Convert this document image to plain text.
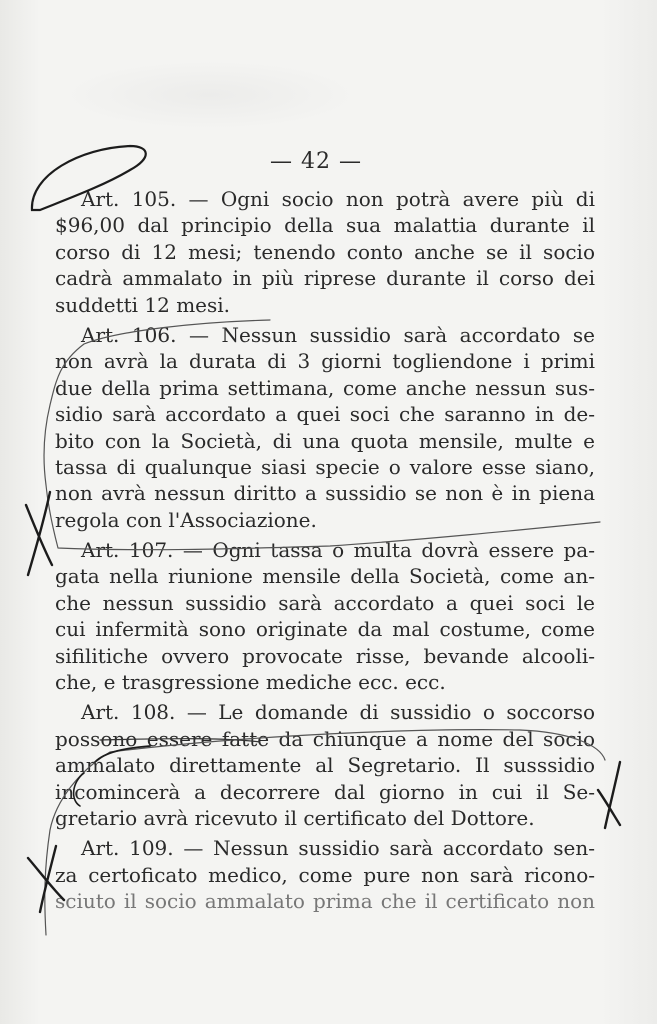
— 42 —
Art. 105. — Ogni socio non potrà avere più di
$96,00 dal principio della sua malattia durante il
corso di 12 mesi; tenendo conto anche se il socio
cadrà ammalato in più riprese durante il corso dei
suddetti 12 mesi.
Art. 106. — Nessun sussidio sarà accordato se
non avrà la durata di 3 giorni togliendone i primi
due della prima settimana, come anche nessun sus-
sidio sarà accordato a quei soci che saranno in de-
bito con la Società, di una quota mensile, multe e
tassa di qualunque siasi specie o valore esse siano,
non avrà nessun diritto a sussidio se non è in piena
regola con l'Associazione.
Art. 107. — Ogni tassa o multa dovrà essere pa-
gata nella riunione mensile della Società, come an-
che nessun sussidio sarà accordato a quei soci le
cui infermità sono originate da mal costume, come
sifilitiche ovvero provocate risse, bevande alcooli-
che, e trasgressione mediche ecc. ecc.
Art. 108. — Le domande di sussidio o soccorso
possono essere fatte da chiunque a nome del socio
ammalato direttamente al Segretario. Il susssidio
incomincerà a decorrere dal giorno in cui il Se-
gretario avrà ricevuto il certificato del Dottore.
Art. 109. — Nessun sussidio sarà accordato sen-
za certoficato medico, come pure non sarà ricono-
sciuto il socio ammalato prima che il certificato non
